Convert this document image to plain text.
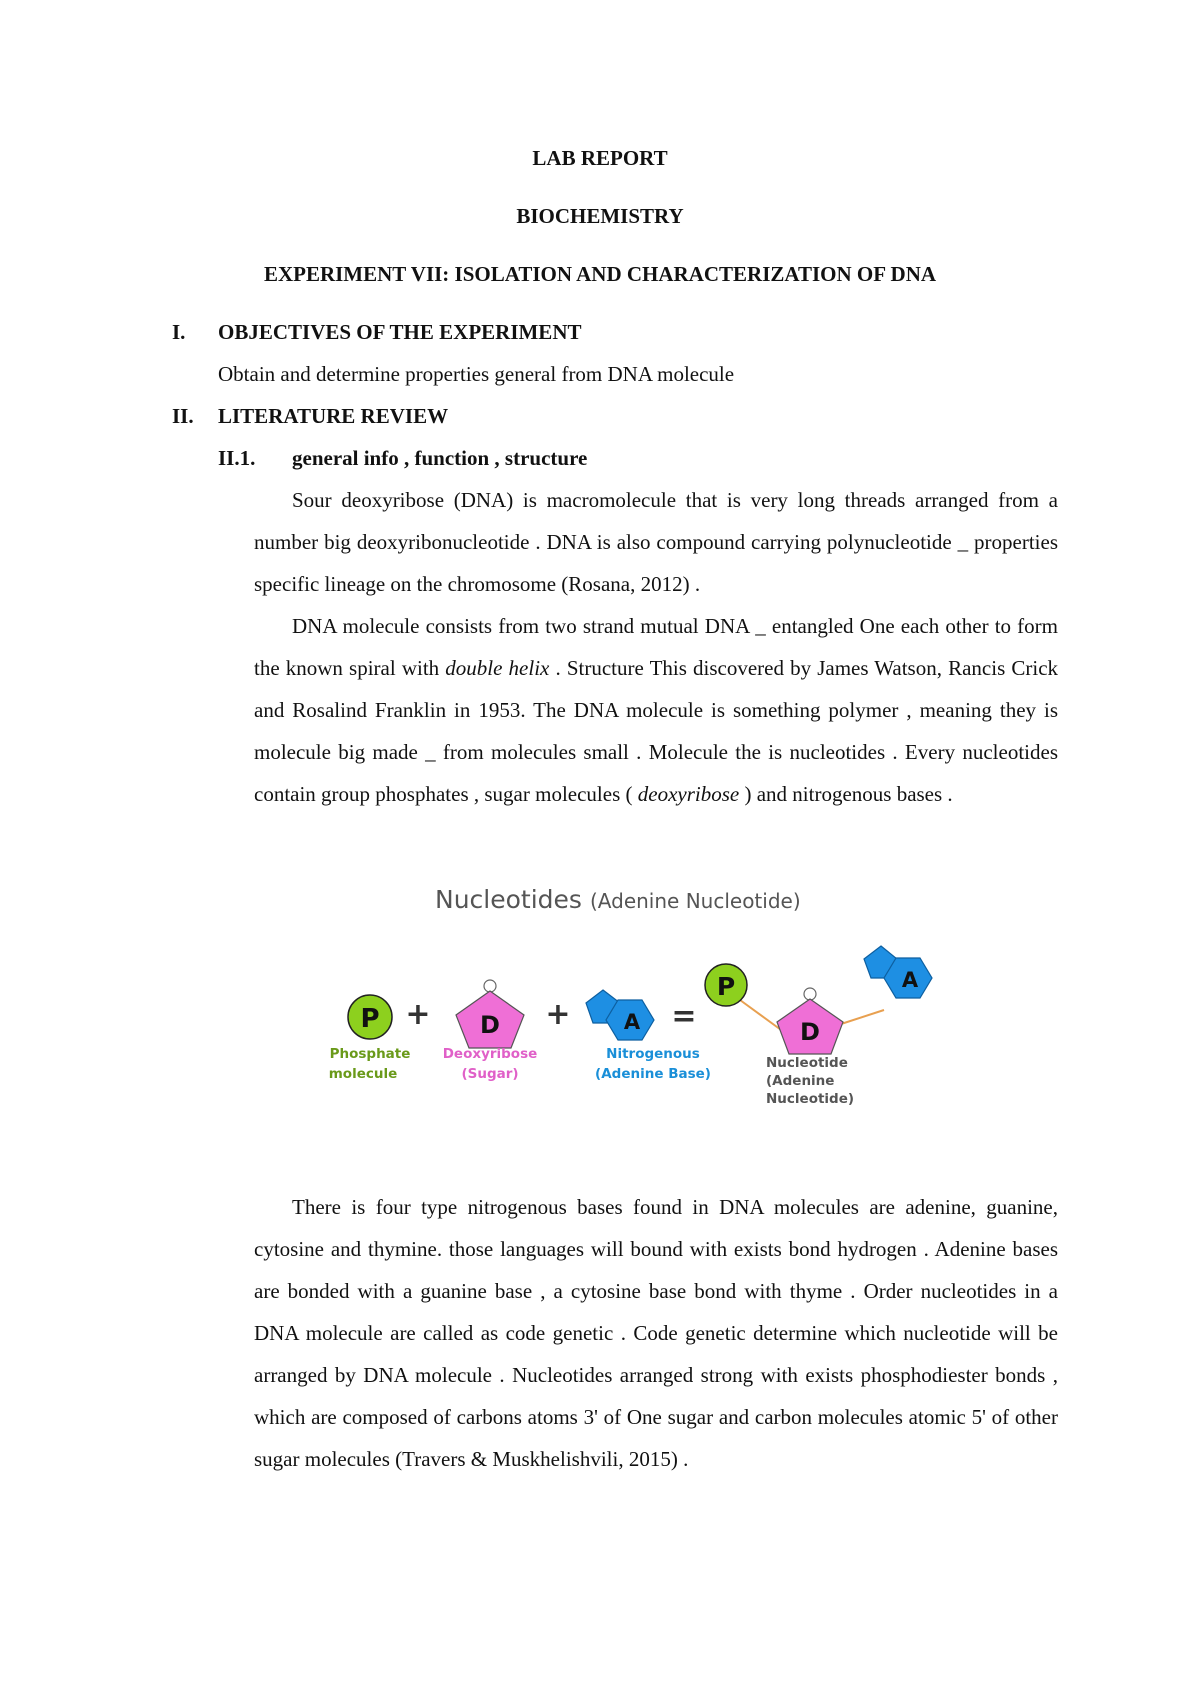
LAB REPORT
BIOCHEMISTRY
EXPERIMENT VII: ISOLATION AND CHARACTERIZATION OF DNA
I. OBJECTIVES OF THE EXPERIMENT
Obtain and determine properties general from DNA molecule
II. LITERATURE REVIEW
II.1. general info , function , structure

Sour deoxyribose (DNA) is macromolecule that is very long threads arranged from a number big deoxyribonucleotide . DNA is also compound carrying polynucleotide _ properties specific lineage on the chromosome (Rosana, 2012) .

DNA molecule consists from two strand mutual DNA _ entangled One each other to form the known spiral with double helix . Structure This discovered by James Watson, Rancis Crick and Rosalind Franklin in 1953. The DNA molecule is something polymer , meaning they is molecule big made _ from molecules small . Molecule the is nucleotides . Every nucleotides contain group phosphates , sugar molecules ( deoxyribose ) and nitrogenous bases .

Nucleotides (Adenine Nucleotide)
P + D +	A =
P
D
A
Phosphate
molecule
Deoxyribose
(Sugar)
Nitrogenous
(Adenine Base)
Nucleotide
(Adenine
Nucleotide)

There is four type nitrogenous bases found in DNA molecules are adenine, guanine, cytosine and thymine. those languages will bound with exists bond hydrogen . Adenine bases are bonded with a guanine base , a cytosine base bond with thyme . Order nucleotides in a DNA molecule are called as code genetic . Code genetic determine which nucleotide will be arranged by DNA molecule . Nucleotides arranged strong with exists phosphodiester bonds , which are composed of carbons atoms 3' of One sugar and carbon molecules atomic 5' of other sugar molecules (Travers & Muskhelishvili, 2015) .
